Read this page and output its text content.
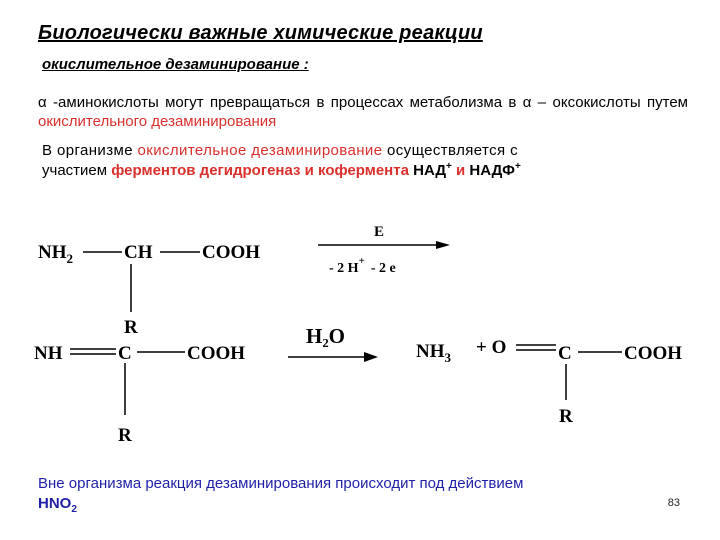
Биологически важные химические реакции
окислительное дезаминирование :
α -аминокислоты могут превращаться в процессах метаболизма в α – оксокислоты путем окислительного дезаминирования
В организме окислительное дезаминирование осуществляется с
участием ферментов дегидрогеназ и кофермента НАД+ и НАДФ+
$NH_2$	CH	COOH
R
E
- 2 H+ - 2 e
NH	C	COOH
R
H₂O
$NH_3 + O$	C	COOH
R
Вне организма реакция дезаминирования происходит под действием
$HNO_2$
83
